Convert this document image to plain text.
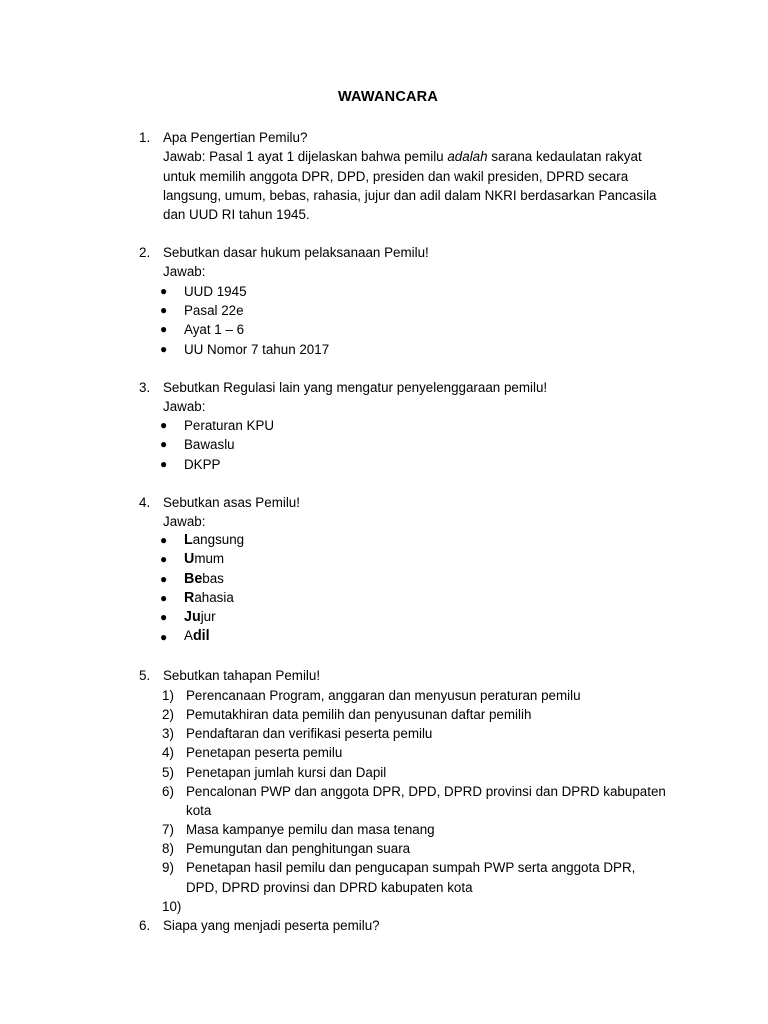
WAWANCARA
1. Apa Pengertian Pemilu?
Jawab: Pasal 1 ayat 1 dijelaskan bahwa pemilu adalah sarana kedaulatan rakyat
untuk memilih anggota DPR, DPD, presiden dan wakil presiden, DPRD secara
langsung, umum, bebas, rahasia, jujur dan adil dalam NKRI berdasarkan Pancasila
dan UUD RI tahun 1945.
2. Sebutkan dasar hukum pelaksanaan Pemilu!
Jawab:
● UUD 1945
● Pasal 22e
● Ayat 1 – 6
● UU Nomor 7 tahun 2017
3. Sebutkan Regulasi lain yang mengatur penyelenggaraan pemilu!
Jawab:
● Peraturan KPU
● Bawaslu
● DKPP
4. Sebutkan asas Pemilu!
Jawab:
● Langsung
● Umum
● Bebas
● Rahasia
● Jujur
● Adil
5. Sebutkan tahapan Pemilu!
1) Perencanaan Program, anggaran dan menyusun peraturan pemilu
2) Pemutakhiran data pemilih dan penyusunan daftar pemilih
3) Pendaftaran dan verifikasi peserta pemilu
4) Penetapan peserta pemilu
5) Penetapan jumlah kursi dan Dapil
6) Pencalonan PWP dan anggota DPR, DPD, DPRD provinsi dan DPRD kabupaten
kota
7) Masa kampanye pemilu dan masa tenang
8) Pemungutan dan penghitungan suara
9) Penetapan hasil pemilu dan pengucapan sumpah PWP serta anggota DPR,
DPD, DPRD provinsi dan DPRD kabupaten kota
10)
6. Siapa yang menjadi peserta pemilu?
